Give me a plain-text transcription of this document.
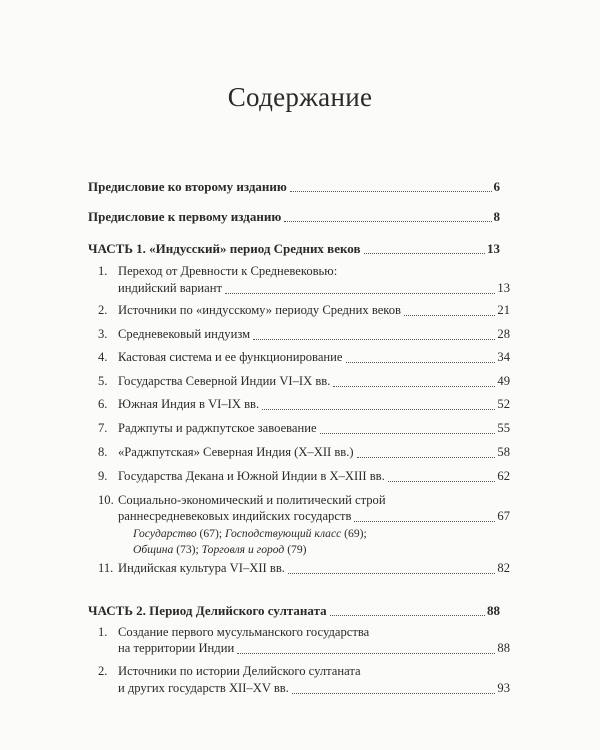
Содержание
Предисловие ко второму изданию	6
Предисловие к первому изданию	8
ЧАСТЬ 1. «Индусский» период Средних веков	13
1. Переход от Древности к Средневековью:
индийский вариант	13
2. Источники по «индусскому» периоду Средних веков	21
3. Средневековый индуизм	28
4. Кастовая система и ее функционирование	34
5. Государства Северной Индии VI–IX вв.	49
6. Южная Индия в VI–IX вв.	52
7. Раджпуты и раджпутское завоевание	55
8. «Раджпутская» Северная Индия (X–XII вв.)	58
9. Государства Декана и Южной Индии в X–XIII вв.	62
10. Социально-экономический и политический строй
раннесредневековых индийских государств	67
Государство (67); Господствующий класс (69);
Община (73); Торговля и город (79)
11. Индийская культура VI–XII вв.	82
ЧАСТЬ 2. Период Делийского султаната	88
1. Создание первого мусульманского государства
на территории Индии	88
2. Источники по истории Делийского султаната
и других государств XII–XV вв.	93
